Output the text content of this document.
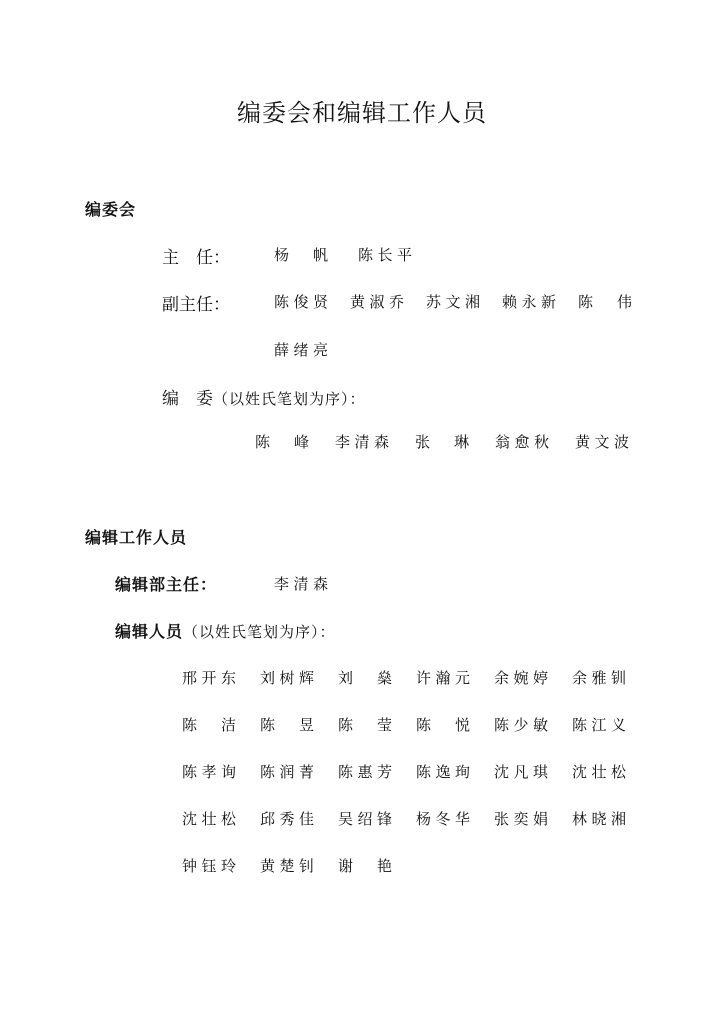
编委会和编辑工作人员
编委会
主　任：	杨　帆 陈长平
副主任：	陈俊贤 黄淑乔 苏文湘 赖永新 陈　伟
薛绪亮
编　委（以姓氏笔划为序）：
陈　峰 李清森 张　琳 翁愈秋 黄文波
编辑工作人员
编辑部主任：	李清森
编辑人员（以姓氏笔划为序）：
邢开东 刘树辉 刘　燊 许瀚元 余婉婷 余雅钏
陈　洁 陈　昱 陈　莹 陈　悦 陈少敏 陈江义
陈孝询 陈润菁 陈惠芳 陈逸珣 沈凡琪 沈壮松
沈壮松 邱秀佳 吴绍锋 杨冬华 张奕娟 林晓湘
钟钰玲 黄楚钊 谢　艳
